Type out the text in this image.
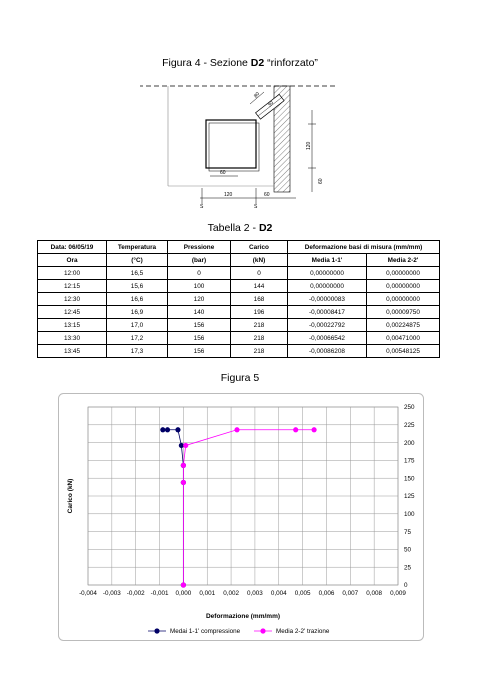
Figura 4 - Sezione D2 “rinforzato”
80
30
60
120
60
120	60
S	S
Tabella 2 - D2
Data: 06/05/19	Temperatura	Pressione	Carico	Deformazione basi di misura (mm/mm)	
Ora	(°C)	(bar)	(kN)	Media 1-1'	Media 2-2'
12:00	16,5	0	0	0,00000000	0,00000000
12:15	15,6	100	144	0,00000000	0,00000000
12:30	16,6	120	168	-0,00000083	0,00000000
12:45	16,9	140	196	-0,00008417	0,00009750
13:15	17,0	156	218	-0,00022792	0,00224875
13:30	17,2	156	218	-0,00066542	0,00471000
13:45	17,3	156	218	-0,00086208	0,00548125
Figura 5
-0,004 -0,003 -0,002 -0,001 0,000 0,001 0,002 0,003 0,004 0,005 0,006 0,007 0,008 0,009
0
25
50
75
100
125
150
175
200
225
250
Deformazione (mm/mm)
Carico (kN)
Medai 1-1' compressione	Media 2-2' trazione
